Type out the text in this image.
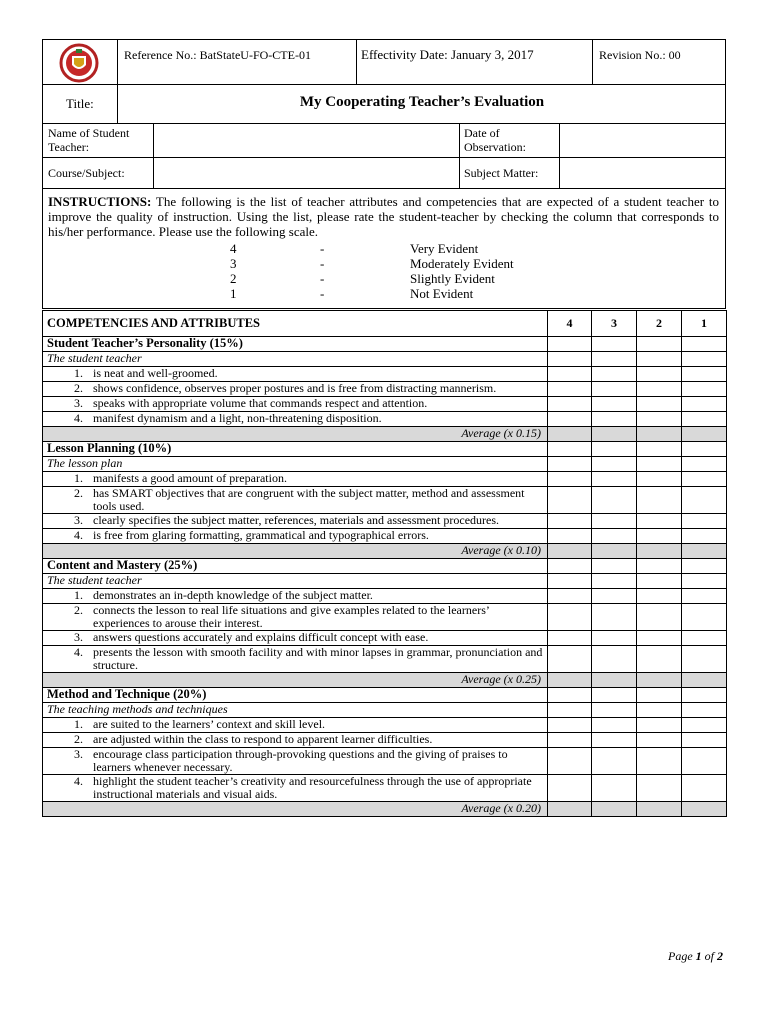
Reference No.: BatStateU-FO-CTE-01	Effectivity Date: January 3, 2017	Revision No.: 00
Title:	My Cooperating Teacher’s Evaluation
Name of Student Teacher:
Date of Observation:
Course/Subject:	Subject Matter:
INSTRUCTIONS: The following is the list of teacher attributes and competencies that are expected of a student teacher to improve the quality of instruction. Using the list, please rate the student-teacher by checking the column that corresponds to his/her performance. Please use the following scale.
4	-	Very Evident
3	-	Moderately Evident
2	-	Slightly Evident
1	-	Not Evident
COMPETENCIES AND ATTRIBUTES	4	3	2	1
Student Teacher’s Personality (15%)				
The student teacher				
1. is neat and well-groomed.				
2. shows confidence, observes proper postures and is free from distracting mannerism.				
3. speaks with appropriate volume that commands respect and attention.				
4. manifest dynamism and a light, non-threatening disposition.				
Average (x 0.15)				
Lesson Planning (10%)				
The lesson plan				
1. manifests a good amount of preparation.				
2. has SMART objectives that are congruent with the subject matter, method and assessment tools used.				
3. clearly specifies the subject matter, references, materials and assessment procedures.				
4. is free from glaring formatting, grammatical and typographical errors.				
Average (x 0.10)				
Content and Mastery (25%)				
The student teacher				
1. demonstrates an in-depth knowledge of the subject matter.				
2. connects the lesson to real life situations and give examples related to the learners’ experiences to arouse their interest.				
3. answers questions accurately and explains difficult concept with ease.				
4. presents the lesson with smooth facility and with minor lapses in grammar, pronunciation and structure.				
Average (x 0.25)				
Method and Technique (20%)				
The teaching methods and techniques				
1. are suited to the learners’ context and skill level.				
2. are adjusted within the class to respond to apparent learner difficulties.				
3. encourage class participation through-provoking questions and the giving of praises to learners whenever necessary.				
4. highlight the student teacher’s creativity and resourcefulness through the use of appropriate instructional materials and visual aids.				
Average (x 0.20)				
Page 1 of 2
